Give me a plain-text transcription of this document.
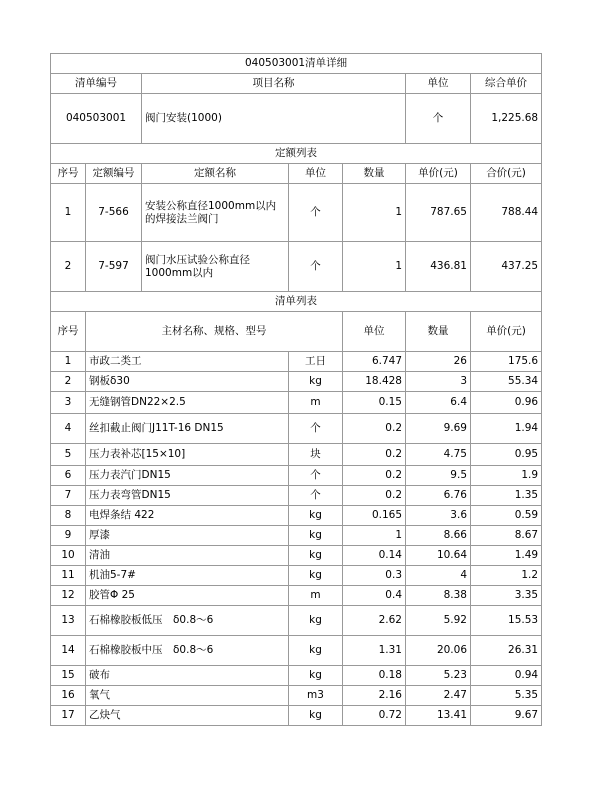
040503001清单详细							
清单编号		项目名称			单位	综合单价	
040503001		阀门安装(1000)			个	1,225.68	
定额列表							
序号	定额编号	定额名称	单位	数量	单价(元)	合价(元)	
1	7-566	安装公称直径1000mm以内的焊接法兰阀门	个	1	787.65	788.44	
2	7-597	阀门水压试验公称直径1000mm以内	个	1	436.81	437.25	
清单列表							
序号	主材名称、规格、型号			单位	数量	单价(元)	
1	市政二类工		工日	6.747	26	175.6	
2	钢板δ30		kg	18.428	3	55.34	
3	无缝钢管DN22×2.5		m	0.15	6.4	0.96	
4	丝扣截止阀门J11T-16 DN15		个	0.2	9.69	1.94	
5	压力表补芯[15×10]		块	0.2	4.75	0.95	
6	压力表汽门DN15		个	0.2	9.5	1.9	
7	压力表弯管DN15		个	0.2	6.76	1.35	
8	电焊条结 422		kg	0.165	3.6	0.59	
9	厚漆		kg	1	8.66	8.67	
10	清油		kg	0.14	10.64	1.49	
11	机油5-7#		kg	0.3	4	1.2	
12	胶管Φ 25		m	0.4	8.38	3.35	
13	石棉橡胶板低压　δ0.8～6		kg	2.62	5.92	15.53	
14	石棉橡胶板中压　δ0.8～6		kg	1.31	20.06	26.31	
15	破布		kg	0.18	5.23	0.94	
16	氧气		m3	2.16	2.47	5.35	
17	乙炔气		kg	0.72	13.41	9.67	
